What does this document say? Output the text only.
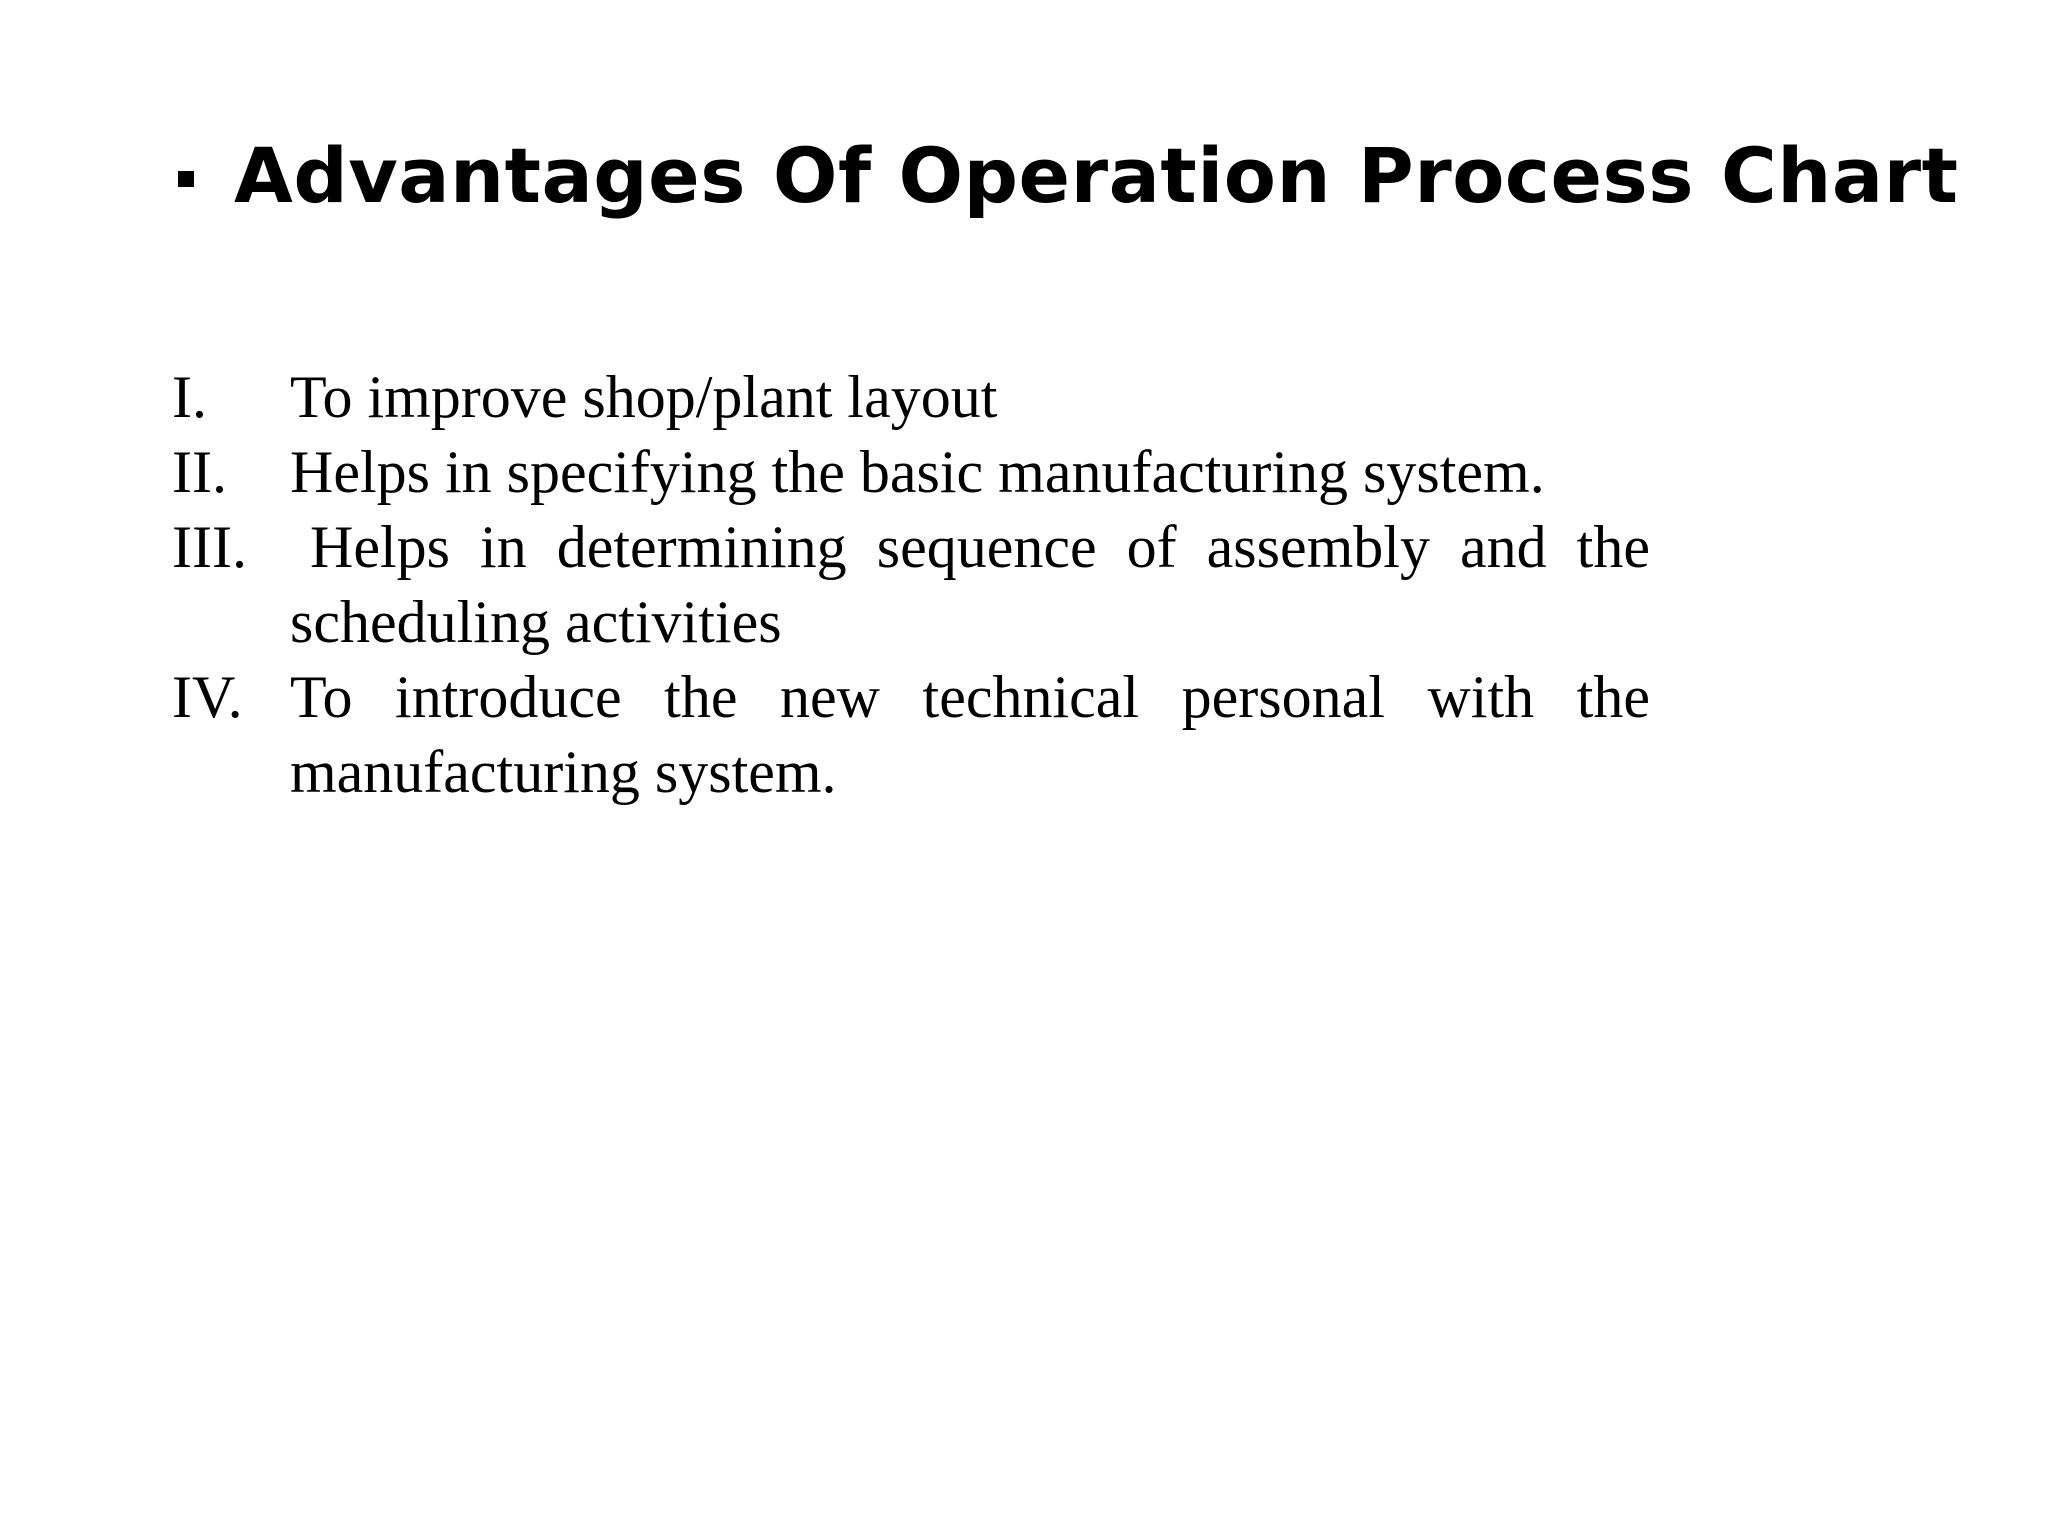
Advantages Of Operation Process Chart
I.	To improve shop/plant layout
II.	Helps in specifying the basic manufacturing system.
III.	Helps in determining sequence of assembly and the scheduling activities
IV. To introduce the new technical personal with the manufacturing system.
